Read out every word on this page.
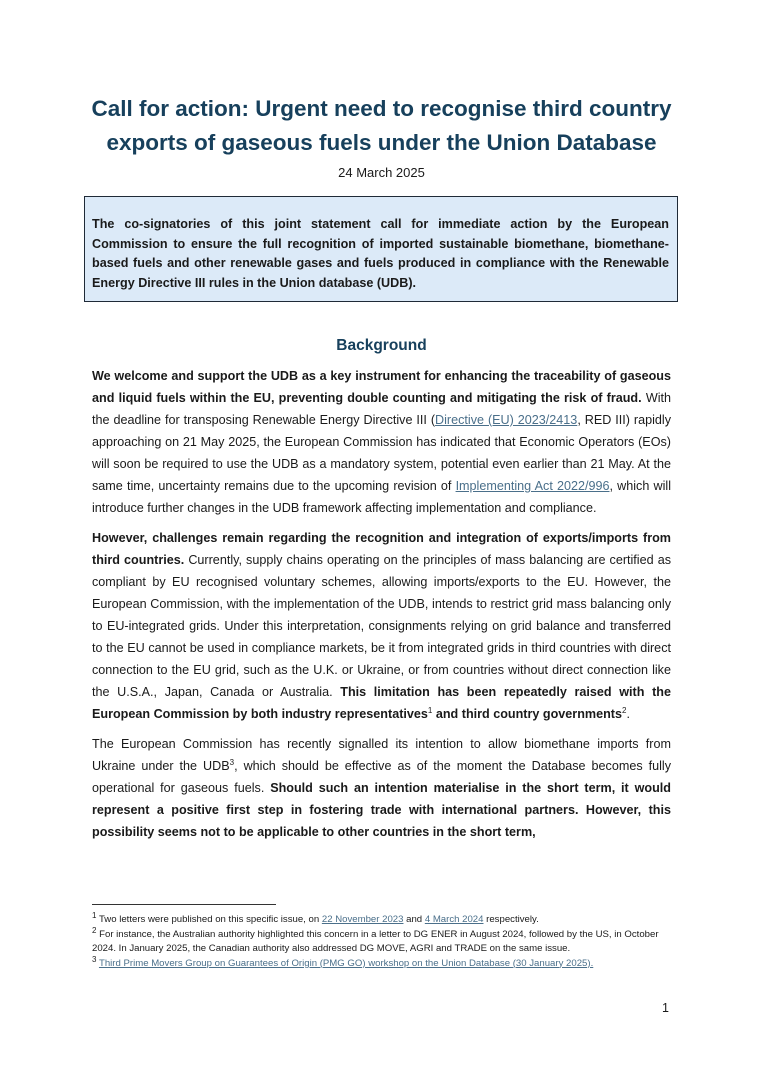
Call for action: Urgent need to recognise third country
exports of gaseous fuels under the Union Database
24 March 2025
The co-signatories of this joint statement call for immediate action by the European Commission to ensure the full recognition of imported sustainable biomethane, biomethane-based fuels and other renewable gases and fuels produced in compliance with the Renewable Energy Directive III rules in the Union database (UDB).
Background

We welcome and support the UDB as a key instrument for enhancing the traceability of gaseous and liquid fuels within the EU, preventing double counting and mitigating the risk of fraud. With the deadline for transposing Renewable Energy Directive III (Directive (EU) 2023/2413, RED III) rapidly approaching on 21 May 2025, the European Commission has indicated that Economic Operators (EOs) will soon be required to use the UDB as a mandatory system, potential even earlier than 21 May. At the same time, uncertainty remains due to the upcoming revision of Implementing Act 2022/996, which will introduce further changes in the UDB framework affecting implementation and compliance.

However, challenges remain regarding the recognition and integration of exports/imports from third countries. Currently, supply chains operating on the principles of mass balancing are certified as compliant by EU recognised voluntary schemes, allowing imports/exports to the EU. However, the European Commission, with the implementation of the UDB, intends to restrict grid mass balancing only to EU-integrated grids. Under this interpretation, consignments relying on grid balance and transferred to the EU cannot be used in compliance markets, be it from integrated grids in third countries with direct connection to the EU grid, such as the U.K. or Ukraine, or from countries without direct connection like the U.S.A., Japan, Canada or Australia. This limitation has been repeatedly raised with the European Commission by both industry representatives$^1$ and third country governments$^2$.

The European Commission has recently signalled its intention to allow biomethane imports from Ukraine under the UDB$^3$, which should be effective as of the moment the Database becomes fully operational for gaseous fuels. Should such an intention materialise in the short term, it would represent a positive first step in fostering trade with international partners. However, this possibility seems not to be applicable to other countries in the short term,

$^1$ Two letters were published on this specific issue, on 22 November 2023 and 4 March 2024 respectively.
$^2$ For instance, the Australian authority highlighted this concern in a letter to DG ENER in August 2024, followed by the US, in October 2024. In January 2025, the Canadian authority also addressed DG MOVE, AGRI and TRADE on the same issue.
$^3$ Third Prime Movers Group on Guarantees of Origin (PMG GO) workshop on the Union Database (30 January 2025).
1
